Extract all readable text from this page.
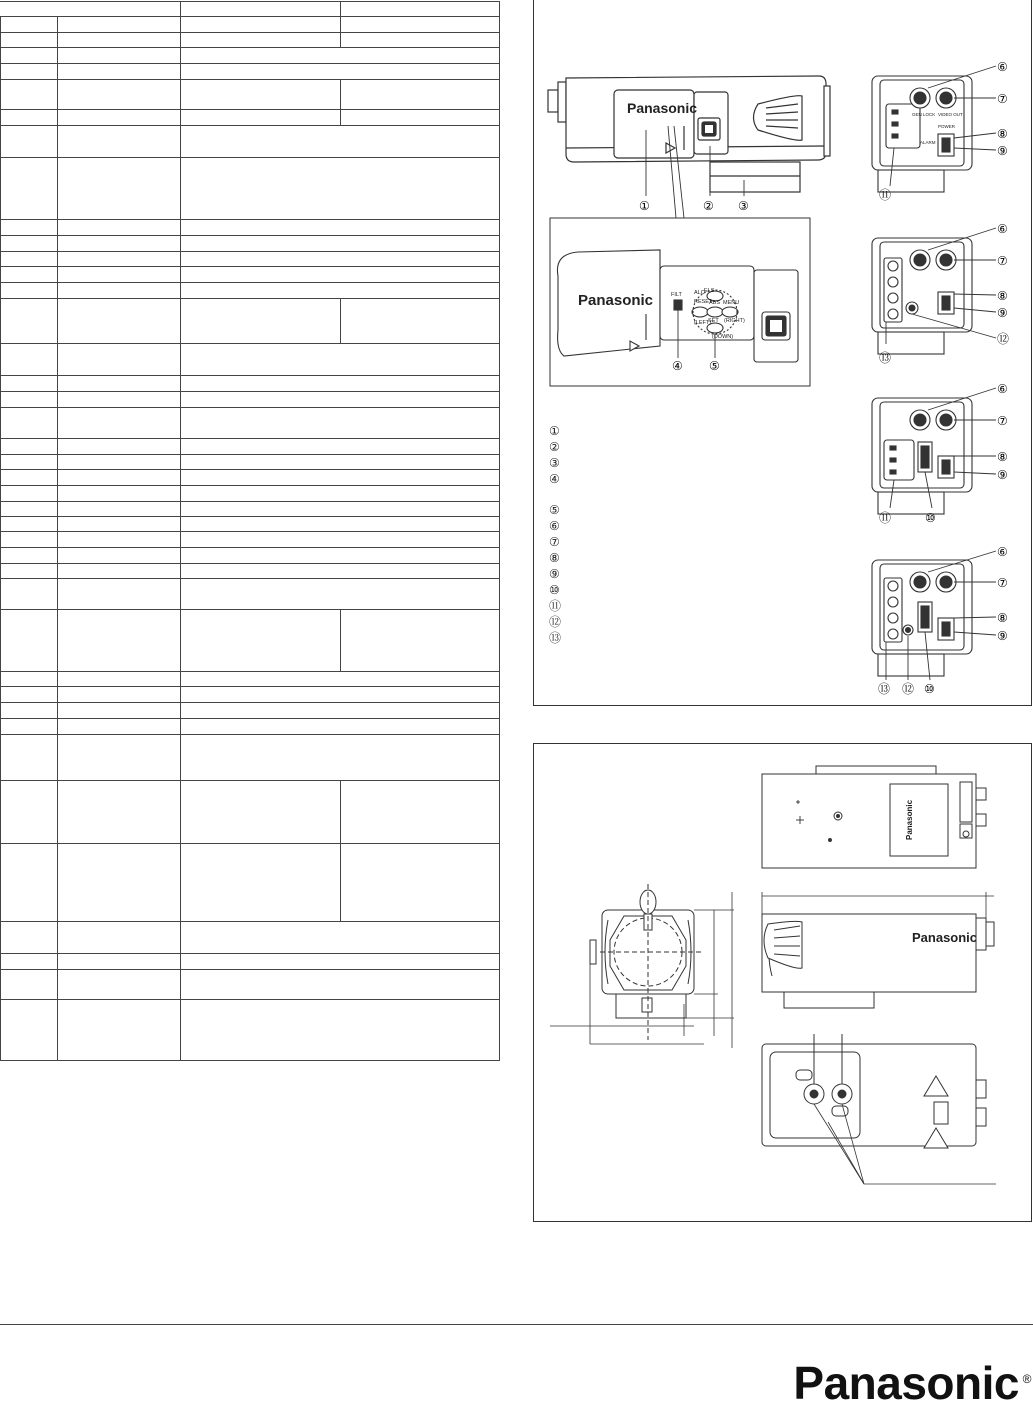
Panasonic
①	② ③
Panasonic	FILT ALC
RESET
(LEFT)
ABS
SET
ELS
MENU
(RIGHT)
(DOWN)
④ ⑤
GEN LOCK VIDEO OUT
POWER
ALARM
⑥
⑦
⑧
⑨
⑪
⑥
⑦
⑧
⑨
⑫
⑬
⑥
⑦
⑧
⑨
⑩
⑪
⑥
⑦
⑧
⑨
⑬ ⑫ ⑩
①
②
③
④
⑤
⑥
⑦
⑧
⑨
⑩
⑪
⑫
⑬
Panasonic
Panasonic
Panasonic ®
